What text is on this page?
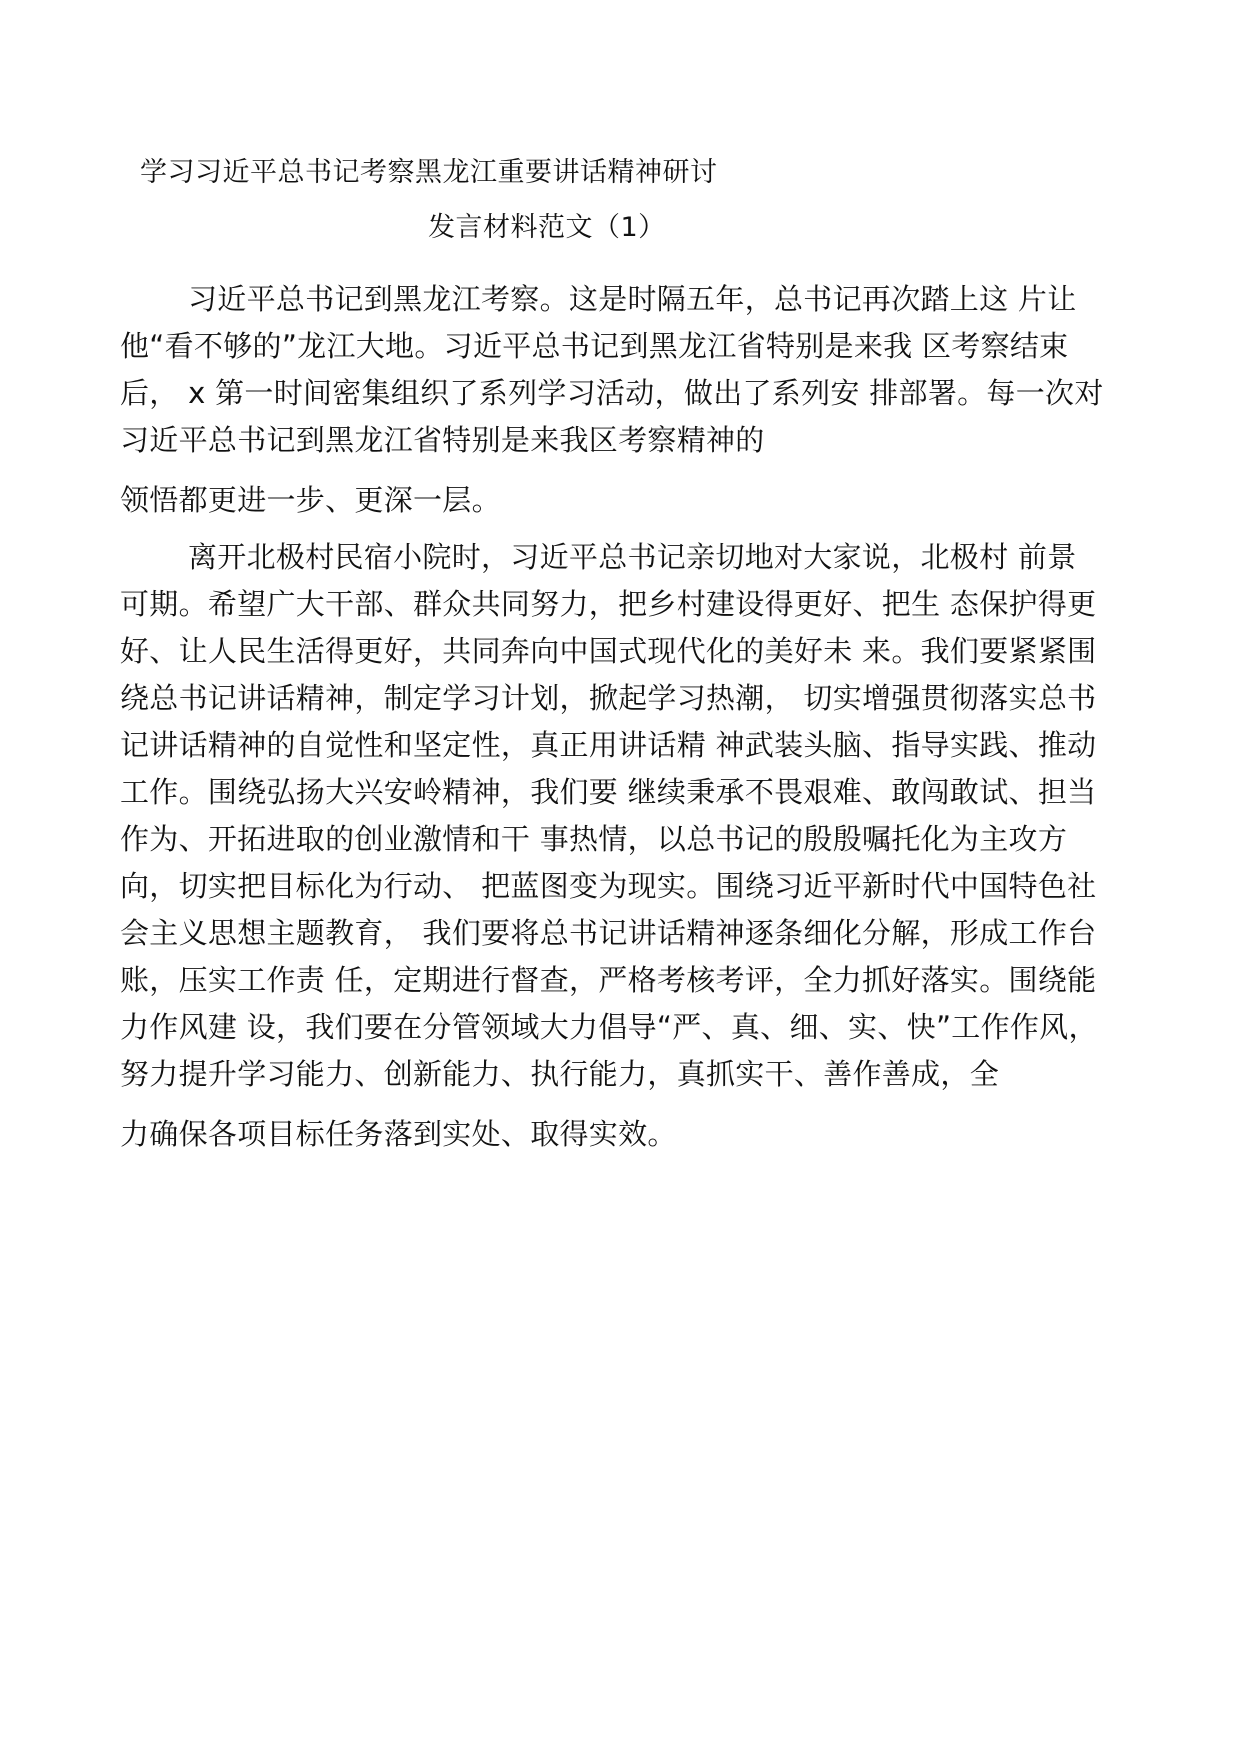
学习习近平总书记考察黑龙江重要讲话精神研讨
发言材料范文（1）
习近平总书记到黑龙江考察。这是时隔五年，总书记再次踏上这 片让
他“看不够的”龙江大地。习近平总书记到黑龙江省特别是来我 区考察结束
后， x 第一时间密集组织了系列学习活动，做出了系列安 排部署。每一次对
习近平总书记到黑龙江省特别是来我区考察精神的
领悟都更进一步、更深一层。
离开北极村民宿小院时，习近平总书记亲切地对大家说，北极村 前景
可期。希望广大干部、群众共同努力，把乡村建设得更好、把生 态保护得更
好、让人民生活得更好，共同奔向中国式现代化的美好未 来。我们要紧紧围
绕总书记讲话精神，制定学习计划，掀起学习热潮， 切实增强贯彻落实总书
记讲话精神的自觉性和坚定性，真正用讲话精 神武装头脑、指导实践、推动
工作。围绕弘扬大兴安岭精神，我们要 继续秉承不畏艰难、敢闯敢试、担当
作为、开拓进取的创业激情和干 事热情，以总书记的殷殷嘱托化为主攻方
向，切实把目标化为行动、 把蓝图变为现实。围绕习近平新时代中国特色社
会主义思想主题教育， 我们要将总书记讲话精神逐条细化分解，形成工作台
账，压实工作责 任，定期进行督查，严格考核考评，全力抓好落实。围绕能
力作风建 设，我们要在分管领域大力倡导“严、真、细、实、快”工作作风，
努力提升学习能力、创新能力、执行能力，真抓实干、善作善成，全
力确保各项目标任务落到实处、取得实效。
